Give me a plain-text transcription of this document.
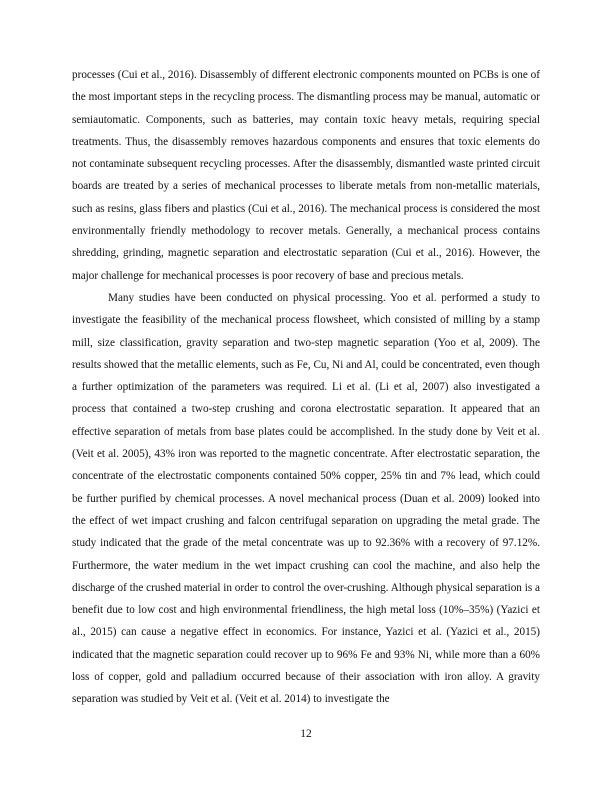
processes (Cui et al., 2016). Disassembly of different electronic components mounted on PCBs is one of the most important steps in the recycling process. The dismantling process may be manual, automatic or semiautomatic. Components, such as batteries, may contain toxic heavy metals, requiring special treatments. Thus, the disassembly removes hazardous components and ensures that toxic elements do not contaminate subsequent recycling processes. After the disassembly, dismantled waste printed circuit boards are treated by a series of mechanical processes to liberate metals from non-metallic materials, such as resins, glass fibers and plastics (Cui et al., 2016). The mechanical process is considered the most environmentally friendly methodology to recover metals. Generally, a mechanical process contains shredding, grinding, magnetic separation and electrostatic separation (Cui et al., 2016). However, the major challenge for mechanical processes is poor recovery of base and precious metals.

Many studies have been conducted on physical processing. Yoo et al. performed a study to investigate the feasibility of the mechanical process flowsheet, which consisted of milling by a stamp mill, size classification, gravity separation and two-step magnetic separation (Yoo et al, 2009). The results showed that the metallic elements, such as Fe, Cu, Ni and Al, could be concentrated, even though a further optimization of the parameters was required. Li et al. (Li et al, 2007) also investigated a process that contained a two-step crushing and corona electrostatic separation. It appeared that an effective separation of metals from base plates could be accomplished. In the study done by Veit et al. (Veit et al. 2005), 43% iron was reported to the magnetic concentrate. After electrostatic separation, the concentrate of the electrostatic components contained 50% copper, 25% tin and 7% lead, which could be further purified by chemical processes. A novel mechanical process (Duan et al. 2009) looked into the effect of wet impact crushing and falcon centrifugal separation on upgrading the metal grade. The study indicated that the grade of the metal concentrate was up to 92.36% with a recovery of 97.12%. Furthermore, the water medium in the wet impact crushing can cool the machine, and also help the discharge of the crushed material in order to control the over-crushing. Although physical separation is a benefit due to low cost and high environmental friendliness, the high metal loss (10%–35%) (Yazici et al., 2015) can cause a negative effect in economics. For instance, Yazici et al. (Yazici et al., 2015) indicated that the magnetic separation could recover up to 96% Fe and 93% Ni, while more than a 60% loss of copper, gold and palladium occurred because of their association with iron alloy. A gravity separation was studied by Veit et al. (Veit et al. 2014) to investigate the

12
